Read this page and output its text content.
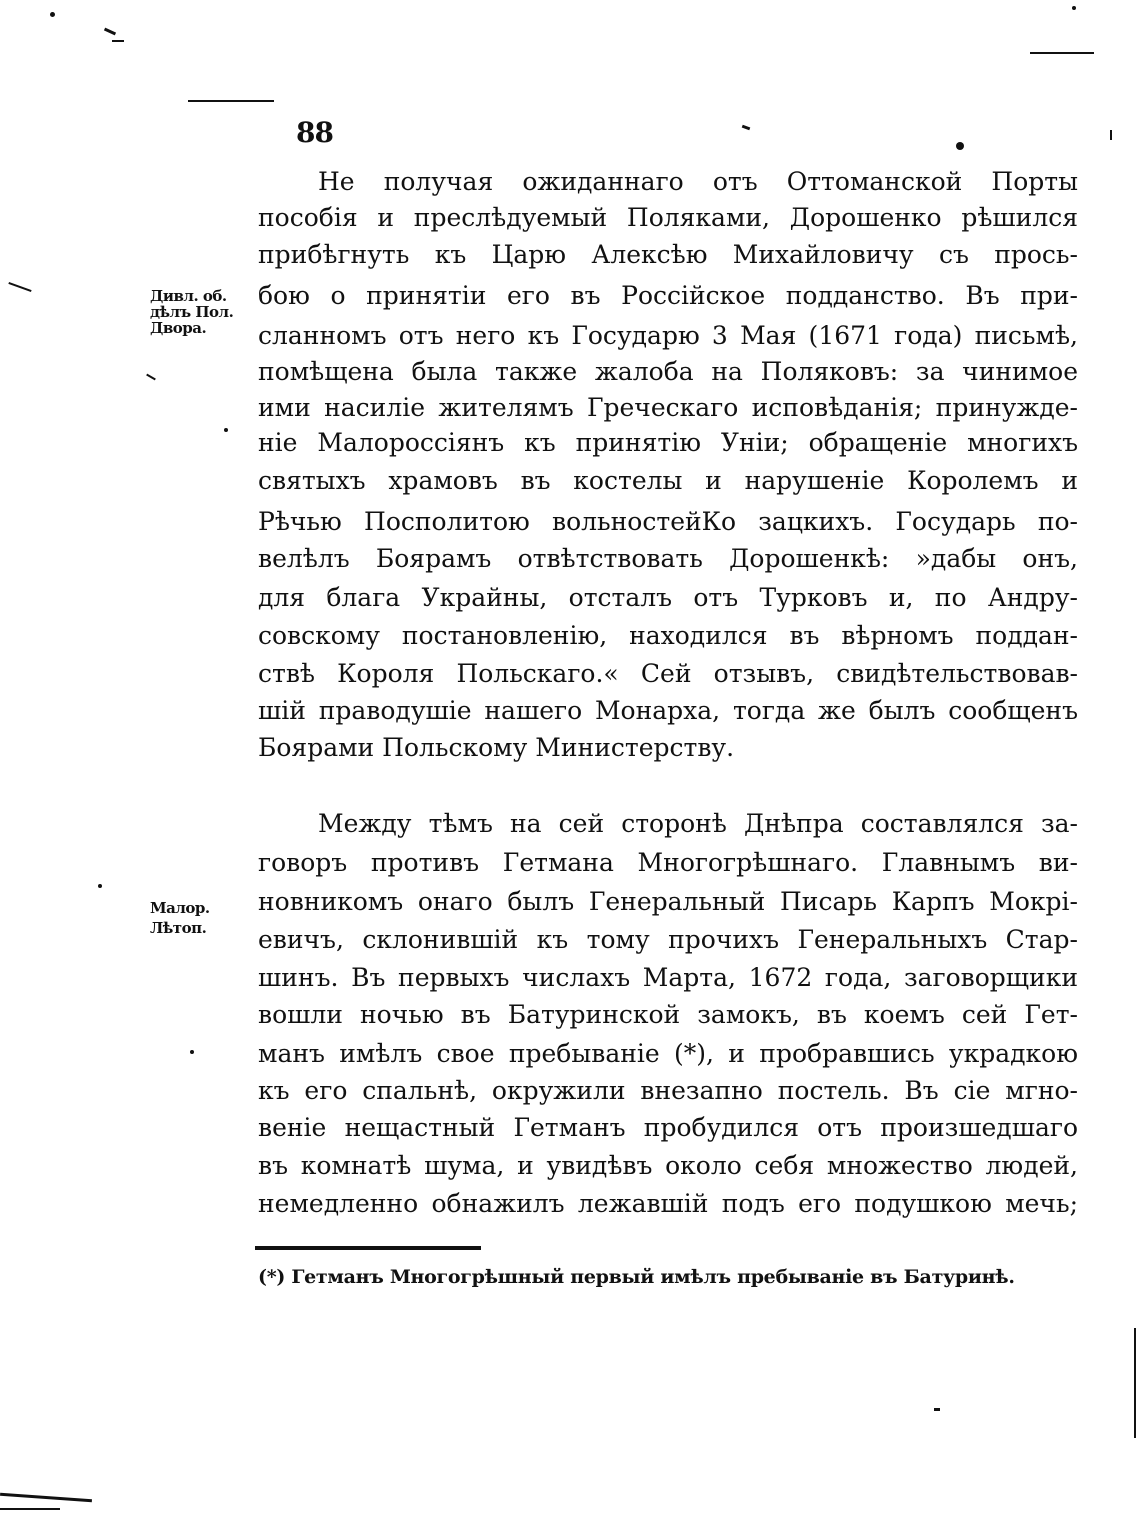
88
Дивл. об.
дѣлъ Пол.
Двора.
Малор.
Лѣтоп.
Не получая ожиданнаго отъ Оттоманской Порты
пособія и преслѣдуемый Поляками, Дорошенко рѣшился
прибѣгнуть къ Царю Алексѣю Михайловичу съ прось-
бою о принятіи его въ Россійское подданство. Въ при-
сланномъ отъ него къ Государю 3 Мая (1671 года) письмѣ,
помѣщена была также жалоба на Поляковъ: за чинимое
ими насиліе жителямъ Греческаго исповѣданія; принужде-
ніе Малороссіянъ къ принятію Уніи; обращеніе многихъ
святыхъ храмовъ въ костелы и нарушеніе Королемъ и
Рѣчью Посполитою вольностейКо зацкихъ. Государь по-
велѣлъ Боярамъ отвѣтствовать Дорошенкѣ: »дабы онъ,
для блага Украйны, отсталъ отъ Турковъ и, по Андру-
совскому постановленію, находился въ вѣрномъ поддан-
ствѣ Короля Польскаго.« Сей отзывъ, свидѣтельствовав-
шій праводушіе нашего Монарха, тогда же былъ сообщенъ
Боярами Польскому Министерству.
Между тѣмъ на сей сторонѣ Днѣпра составлялся за-
говоръ противъ Гетмана Многогрѣшнаго. Главнымъ ви-
новникомъ онаго былъ Генеральный Писарь Карпъ Мокрі-
евичъ, склонившій къ тому прочихъ Генеральныхъ Стар-
шинъ. Въ первыхъ числахъ Марта, 1672 года, заговорщики
вошли ночью въ Батуринской замокъ, въ коемъ сей Гет-
манъ имѣлъ свое пребываніе (*), и пробравшись украдкою
къ его спальнѣ, окружили внезапно постель. Въ сіе мгно-
веніе нещастный Гетманъ пробудился отъ произшедшаго
въ комнатѣ шума, и увидѣвъ около себя множество людей,
немедленно обнажилъ лежавшій подъ его подушкою мечь;
(*) Гетманъ Многогрѣшный первый имѣлъ пребываніе въ Батуринѣ.
